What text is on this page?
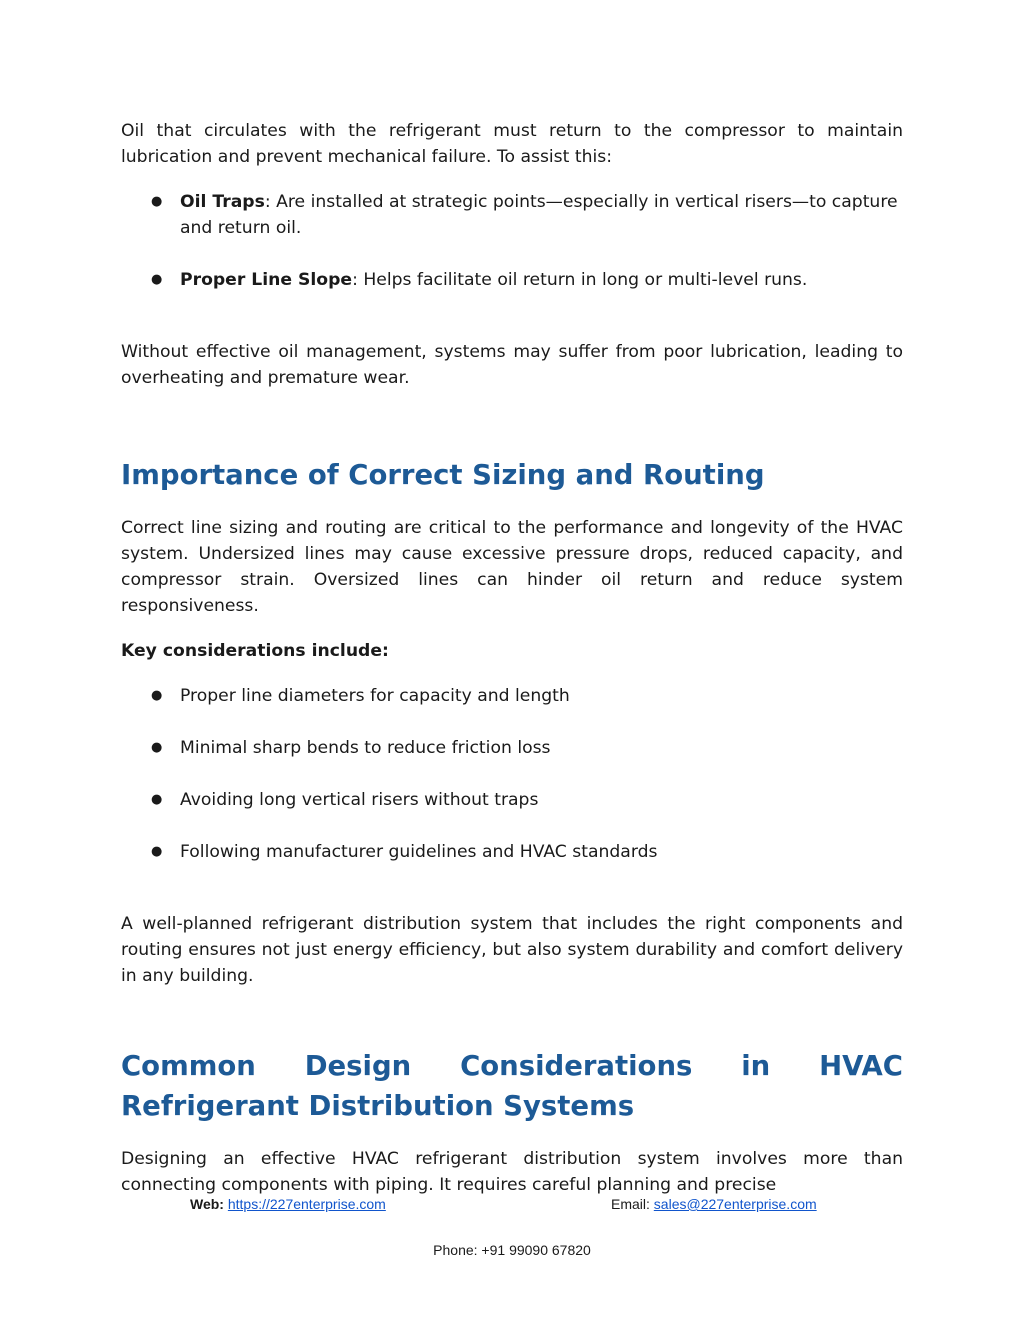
Oil that circulates with the refrigerant must return to the compressor to maintain lubrication and prevent mechanical failure. To assist this:

● Oil Traps: Are installed at strategic points—especially in vertical risers—to capture and return oil.
● Proper Line Slope: Helps facilitate oil return in long or multi-level runs.

Without effective oil management, systems may suffer from poor lubrication, leading to overheating and premature wear.

Importance of Correct Sizing and Routing

Correct line sizing and routing are critical to the performance and longevity of the HVAC system. Undersized lines may cause excessive pressure drops, reduced capacity, and compressor strain. Oversized lines can hinder oil return and reduce system responsiveness.

Key considerations include:

● Proper line diameters for capacity and length
● Minimal sharp bends to reduce friction loss
● Avoiding long vertical risers without traps
● Following manufacturer guidelines and HVAC standards

A well-planned refrigerant distribution system that includes the right components and routing ensures not just energy efficiency, but also system durability and comfort delivery in any building.

Common Design Considerations in HVAC Refrigerant Distribution Systems

Designing an effective HVAC refrigerant distribution system involves more than connecting components with piping. It requires careful planning and precise

Web: https://227enterprise.com	Email: sales@227enterprise.com
Phone: +91 99090 67820
